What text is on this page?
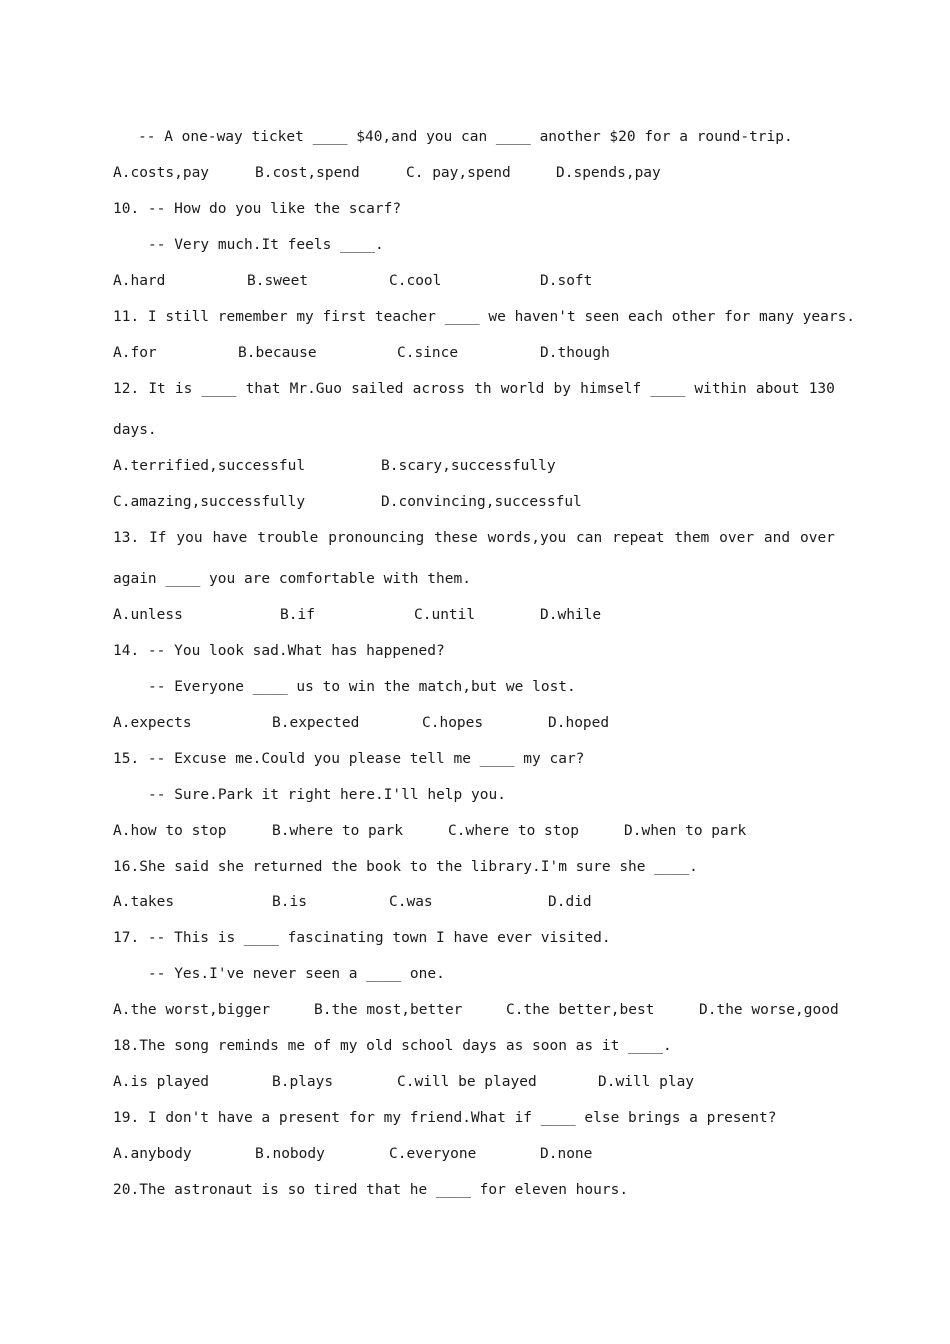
-- A one-way ticket ____ $40,and you can ____ another $20 for a round-trip.
A.costs,pay	B.cost,spend	C. pay,spend	D.spends,pay
10. -- How do you like the scarf?
-- Very much.It feels ____.
A.hard	B.sweet	C.cool	D.soft
11. I still remember my first teacher ____ we haven't seen each other for many years.
A.for	B.because	C.since	D.though
12. It is ____ that Mr.Guo sailed across th world by himself ____ within about 130
days.
A.terrified,successful	B.scary,successfully
C.amazing,successfully	D.convincing,successful
13. If you have trouble pronouncing these words,you can repeat them over and over
again ____ you are comfortable with them.
A.unless	B.if	C.until	D.while
14. -- You look sad.What has happened?
-- Everyone ____ us to win the match,but we lost.
A.expects	B.expected	C.hopes	D.hoped
15. -- Excuse me.Could you please tell me ____ my car?
-- Sure.Park it right here.I'll help you.
A.how to stop	B.where to park	C.where to stop	D.when to park
16.She said she returned the book to the library.I'm sure she ____.
A.takes	B.is	C.was	D.did
17. -- This is ____ fascinating town I have ever visited.
-- Yes.I've never seen a ____ one.
A.the worst,bigger	B.the most,better	C.the better,best	D.the worse,good
18.The song reminds me of my old school days as soon as it ____.
A.is played	B.plays	C.will be played	D.will play
19. I don't have a present for my friend.What if ____ else brings a present?
A.anybody	B.nobody	C.everyone	D.none
20.The astronaut is so tired that he ____ for eleven hours.
